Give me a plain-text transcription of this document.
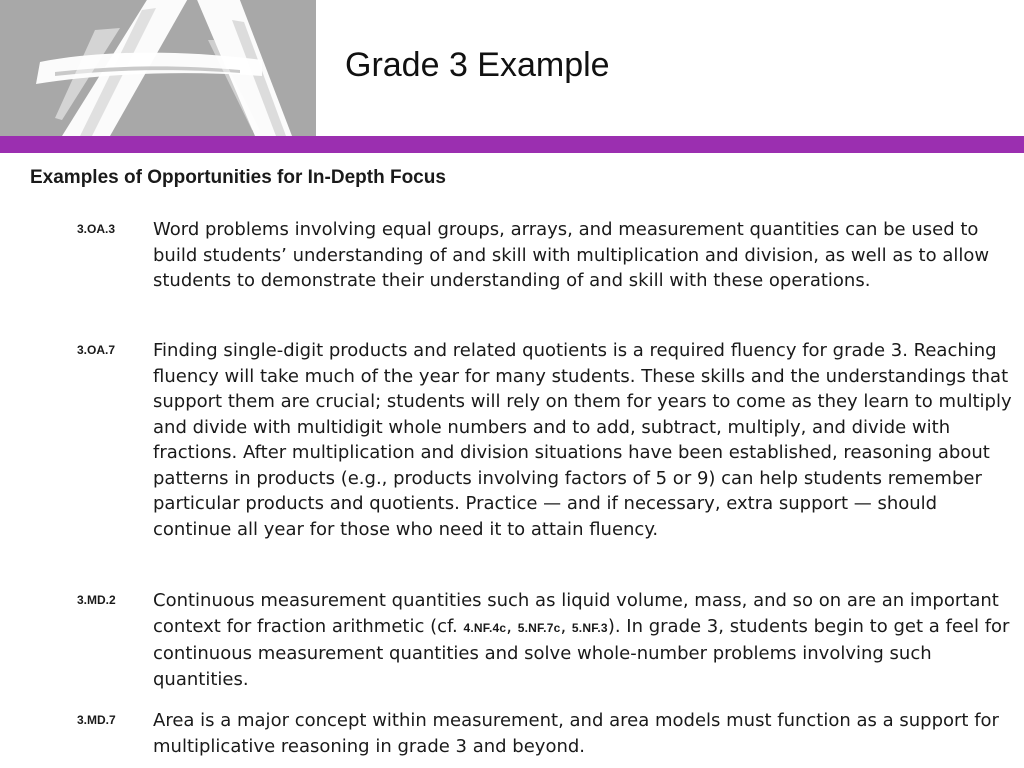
Grade 3 Example
Examples of Opportunities for In-Depth Focus
3.OA.3 Word problems involving equal groups, arrays, and measurement quantities can be used to build students’ understanding of and skill with multiplication and division, as well as to allow students to demonstrate their understanding of and skill with these operations.

3.OA.7 Finding single-digit products and related quotients is a required fluency for grade 3. Reaching fluency will take much of the year for many students. These skills and the understandings that support them are crucial; students will rely on them for years to come as they learn to multiply and divide with multidigit whole numbers and to add, subtract, multiply, and divide with fractions. After multiplication and division situations have been established, reasoning about patterns in products (e.g., products involving factors of 5 or 9) can help students remember particular products and quotients. Practice — and if necessary, extra support — should continue all year for those who need it to attain fluency.

3.MD.2 Continuous measurement quantities such as liquid volume, mass, and so on are an important context for fraction arithmetic (cf. 4.NF.4c, 5.NF.7c, 5.NF.3). In grade 3, students begin to get a feel for continuous measurement quantities and solve whole-number problems involving such quantities.

3.MD.7 Area is a major concept within measurement, and area models must function as a support for multiplicative reasoning in grade 3 and beyond.
